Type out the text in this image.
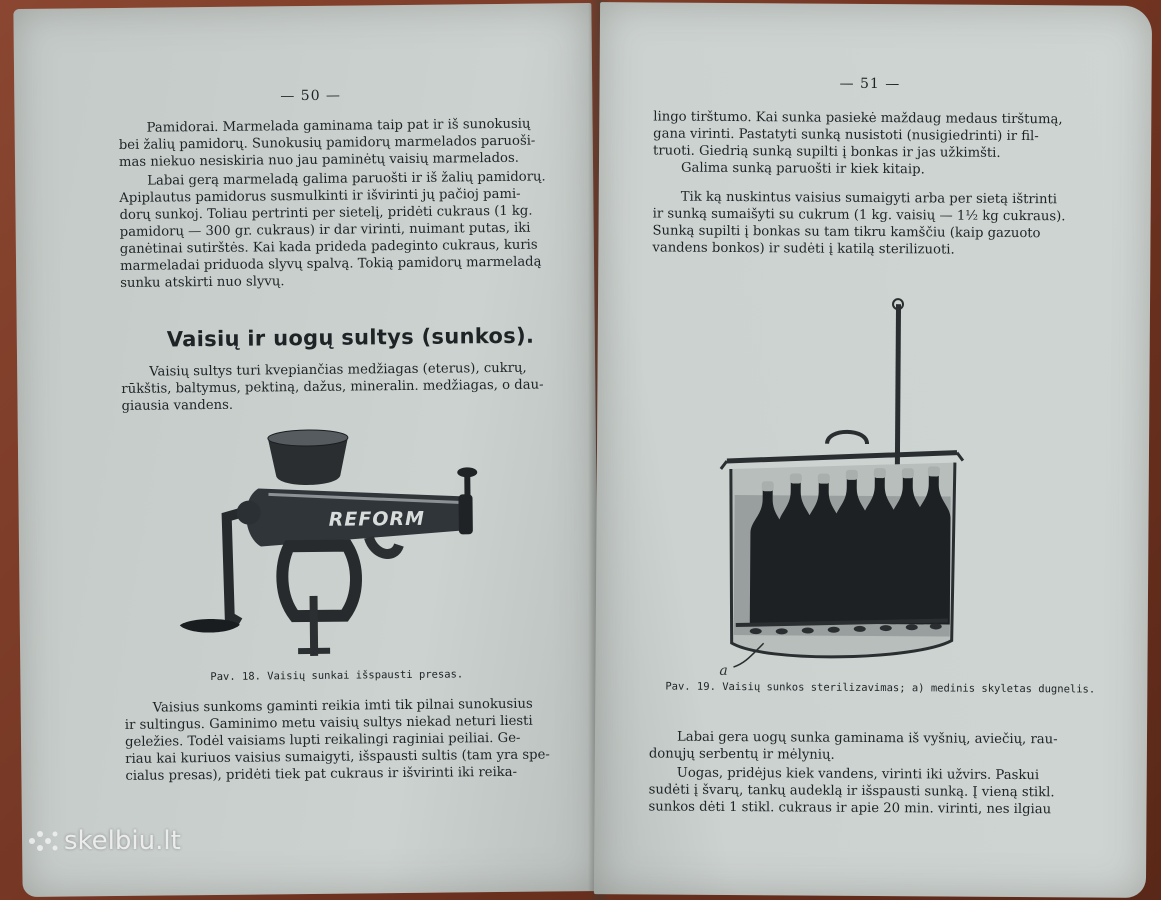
— 50 —

Pamidorai. Marmelada gaminama taip pat ir iš sunokusių

bei žalių pamidorų. Sunokusių pamidorų marmelados paruoši-

mas niekuo nesiskiria nuo jau paminėtų vaisių marmelados.

Labai gerą marmeladą galima paruošti ir iš žalių pamidorų.

Apiplautus pamidorus susmulkinti ir išvirinti jų pačioj pami-

dorų sunkoj. Toliau pertrinti per sietelį, pridėti cukraus (1 kg.

pamidorų — 300 gr. cukraus) ir dar virinti, nuimant putas, iki

ganėtinai sutirštės. Kai kada prideda padeginto cukraus, kuris

marmeladai priduoda slyvų spalvą. Tokią pamidorų marmeladą

sunku atskirti nuo slyvų.

Vaisių ir uogų sultys (sunkos).

Vaisių sultys turi kvepiančias medžiagas (eterus), cukrų,

rūkštis, baltymus, pektiną, dažus, mineralin. medžiagas, o dau-

giausia vandens.

REFORM
Pav. 18. Vaisių sunkai išspausti presas.

Vaisius sunkoms gaminti reikia imti tik pilnai sunokusius

ir sultingus. Gaminimo metu vaisių sultys niekad neturi liesti

geležies. Todėl vaisiams lupti reikalingi raginiai peiliai. Ge-

riau kai kuriuos vaisius sumaigyti, išspausti sultis (tam yra spe-

cialus presas), pridėti tiek pat cukraus ir išvirinti iki reika-

— 51 —

lingo tirštumo. Kai sunka pasiekė maždaug medaus tirštumą,

gana virinti. Pastatyti sunką nusistoti (nusigiedrinti) ir fil-

truoti. Giedrią sunką supilti į bonkas ir jas užkimšti.

Galima sunką paruošti ir kiek kitaip.

Tik ką nuskintus vaisius sumaigyti arba per sietą ištrinti

ir sunką sumaišyti su cukrum (1 kg. vaisių — 1½ kg cukraus).

Sunką supilti į bonkas su tam tikru kamščiu (kaip gazuoto

vandens bonkos) ir sudėti į katilą sterilizuoti.

a
Pav. 19. Vaisių sunkos sterilizavimas; a) medinis skyletas dugnelis.

Labai gera uogų sunka gaminama iš vyšnių, aviečių, rau-

donųjų serbentų ir mėlynių.

Uogas, pridėjus kiek vandens, virinti iki užvirs. Paskui

sudėti į švarų, tankų audeklą ir išspausti sunką. Į vieną stikl.

sunkos dėti 1 stikl. cukraus ir apie 20 min. virinti, nes ilgiau

skelbiu.lt
